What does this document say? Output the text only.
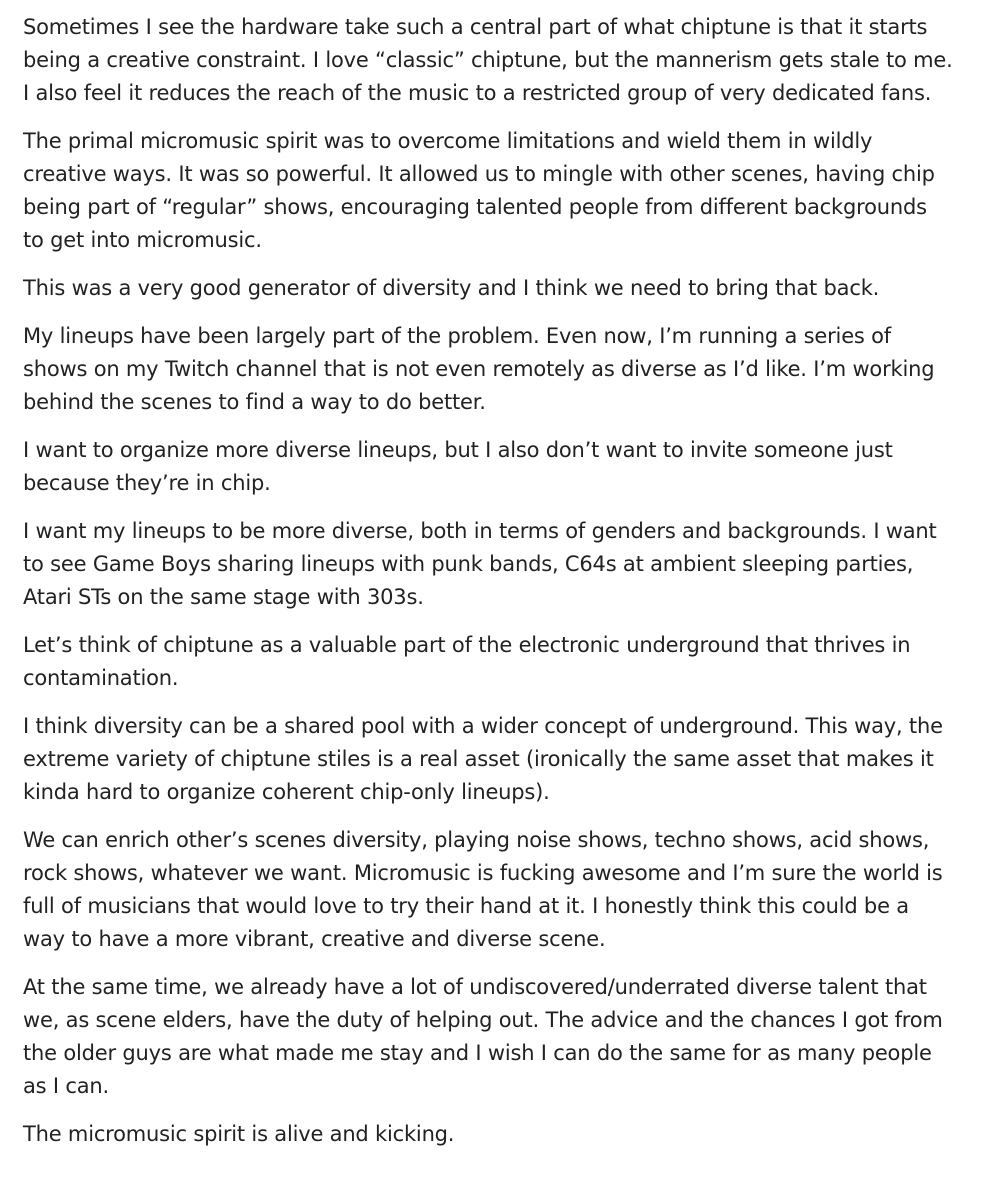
Sometimes I see the hardware take such a central part of what chiptune is that it starts being a creative constraint. I love “classic” chiptune, but the mannerism gets stale to me. I also feel it reduces the reach of the music to a restricted group of very dedicated fans.

The primal micromusic spirit was to overcome limitations and wield them in wildly creative ways. It was so powerful. It allowed us to mingle with other scenes, having chip being part of “regular” shows, encouraging talented people from different backgrounds to get into micromusic.

This was a very good generator of diversity and I think we need to bring that back.

My lineups have been largely part of the problem. Even now, I’m running a series of shows on my Twitch channel that is not even remotely as diverse as I’d like. I’m working behind the scenes to find a way to do better.

I want to organize more diverse lineups, but I also don’t want to invite someone just because they’re in chip.

I want my lineups to be more diverse, both in terms of genders and backgrounds. I want to see Game Boys sharing lineups with punk bands, C64s at ambient sleeping parties, Atari STs on the same stage with 303s.

Let’s think of chiptune as a valuable part of the electronic underground that thrives in contamination.

I think diversity can be a shared pool with a wider concept of underground. This way, the extreme variety of chiptune stiles is a real asset (ironically the same asset that makes it kinda hard to organize coherent chip-only lineups).

We can enrich other’s scenes diversity, playing noise shows, techno shows, acid shows, rock shows, whatever we want. Micromusic is fucking awesome and I’m sure the world is full of musicians that would love to try their hand at it. I honestly think this could be a way to have a more vibrant, creative and diverse scene.

At the same time, we already have a lot of undiscovered/underrated diverse talent that we, as scene elders, have the duty of helping out. The advice and the chances I got from the older guys are what made me stay and I wish I can do the same for as many people as I can.

The micromusic spirit is alive and kicking.
